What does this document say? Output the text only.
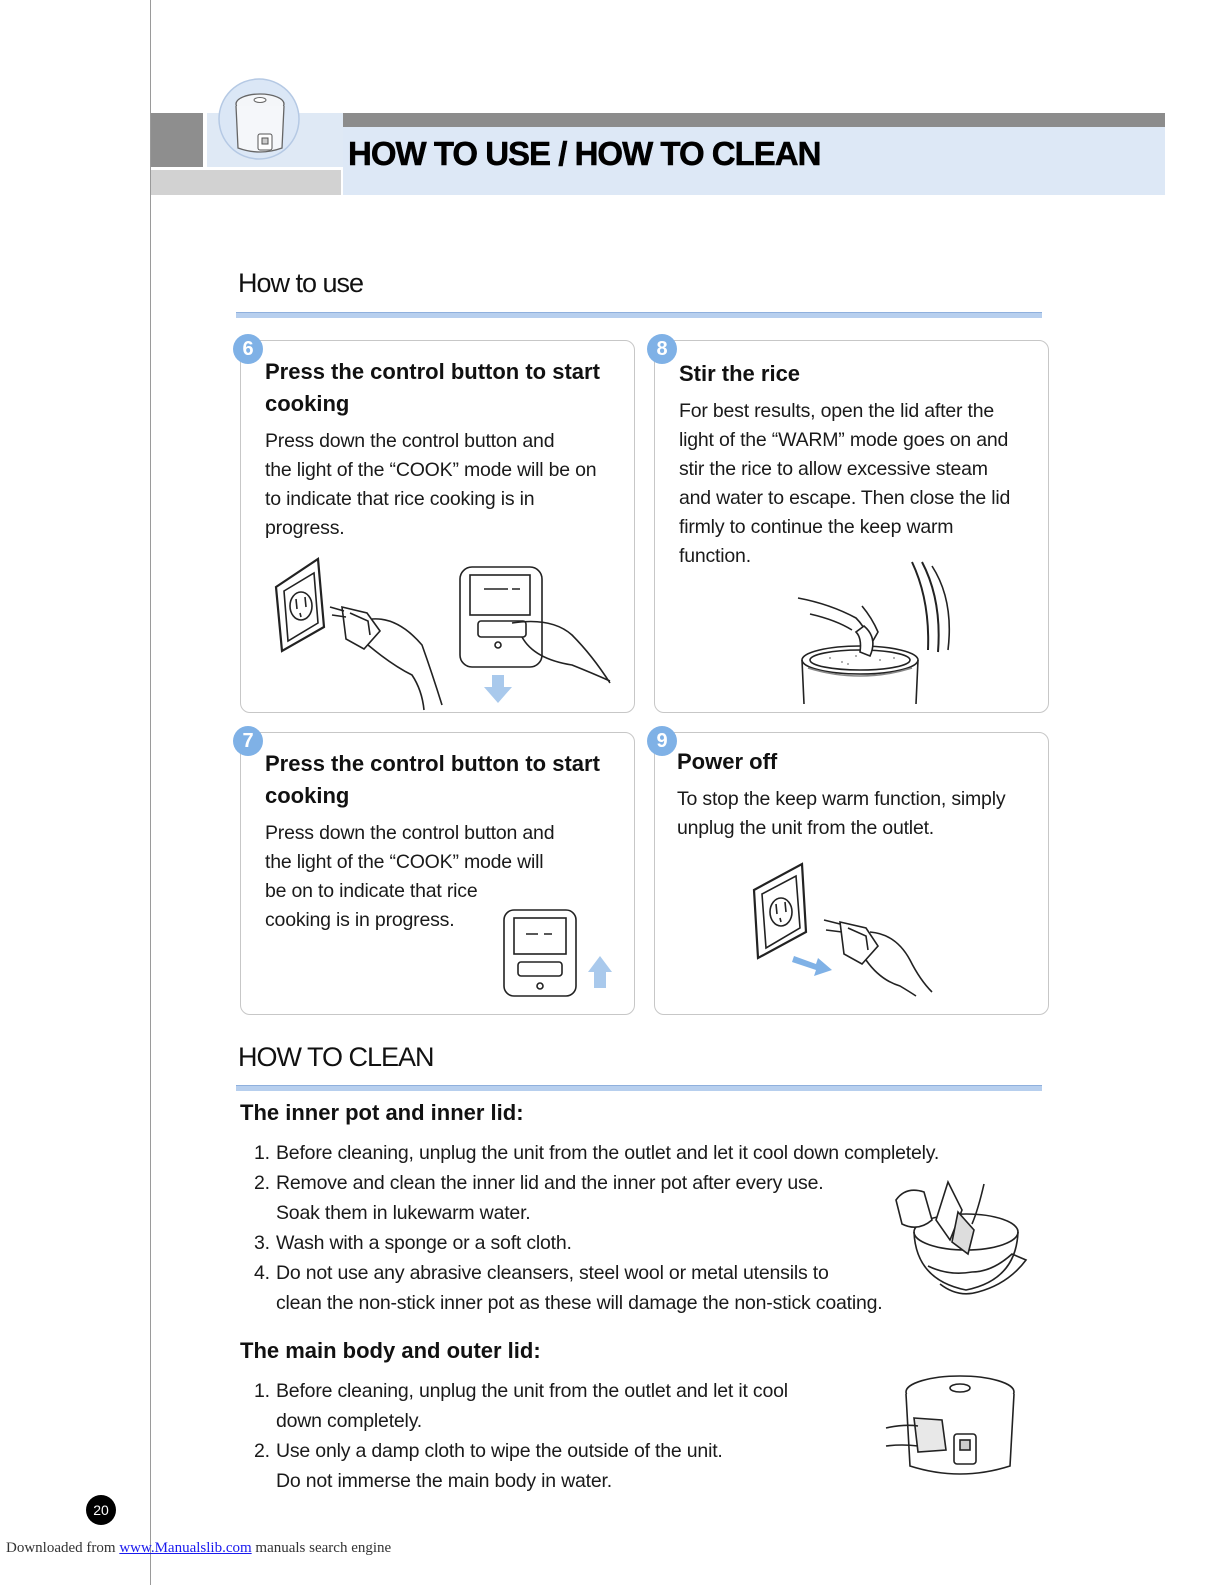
HOW TO USE / HOW TO CLEAN
How to use
6
Press the control button to start
cooking
Press down the control button and
the light of the “COOK” mode will be on
to indicate that rice cooking is in
progress.
8
Stir the rice
For best results, open the lid after the
light of the “WARM” mode goes on and
stir the rice to allow excessive steam
and water to escape. Then close the lid
firmly to continue the keep warm
function.
7
Press the control button to start
cooking
Press down the control button and
the light of the “COOK” mode will
be on to indicate that rice
cooking is in progress.
9
Power off
To stop the keep warm function, simply
unplug the unit from the outlet.
HOW TO CLEAN
The inner pot and inner lid:
1. Before cleaning, unplug the unit from the outlet and let it cool down completely.
2. Remove and clean the inner lid and the inner pot after every use.
Soak them in lukewarm water.
3. Wash with a sponge or a soft cloth.
4. Do not use any abrasive cleansers, steel wool or metal utensils to
clean the non-stick inner pot as these will damage the non-stick coating.
The main body and outer lid:
1. Before cleaning, unplug the unit from the outlet and let it cool
down completely.
2. Use only a damp cloth to wipe the outside of the unit.
Do not immerse the main body in water.
20
Downloaded from www.Manualslib.com manuals search engine
